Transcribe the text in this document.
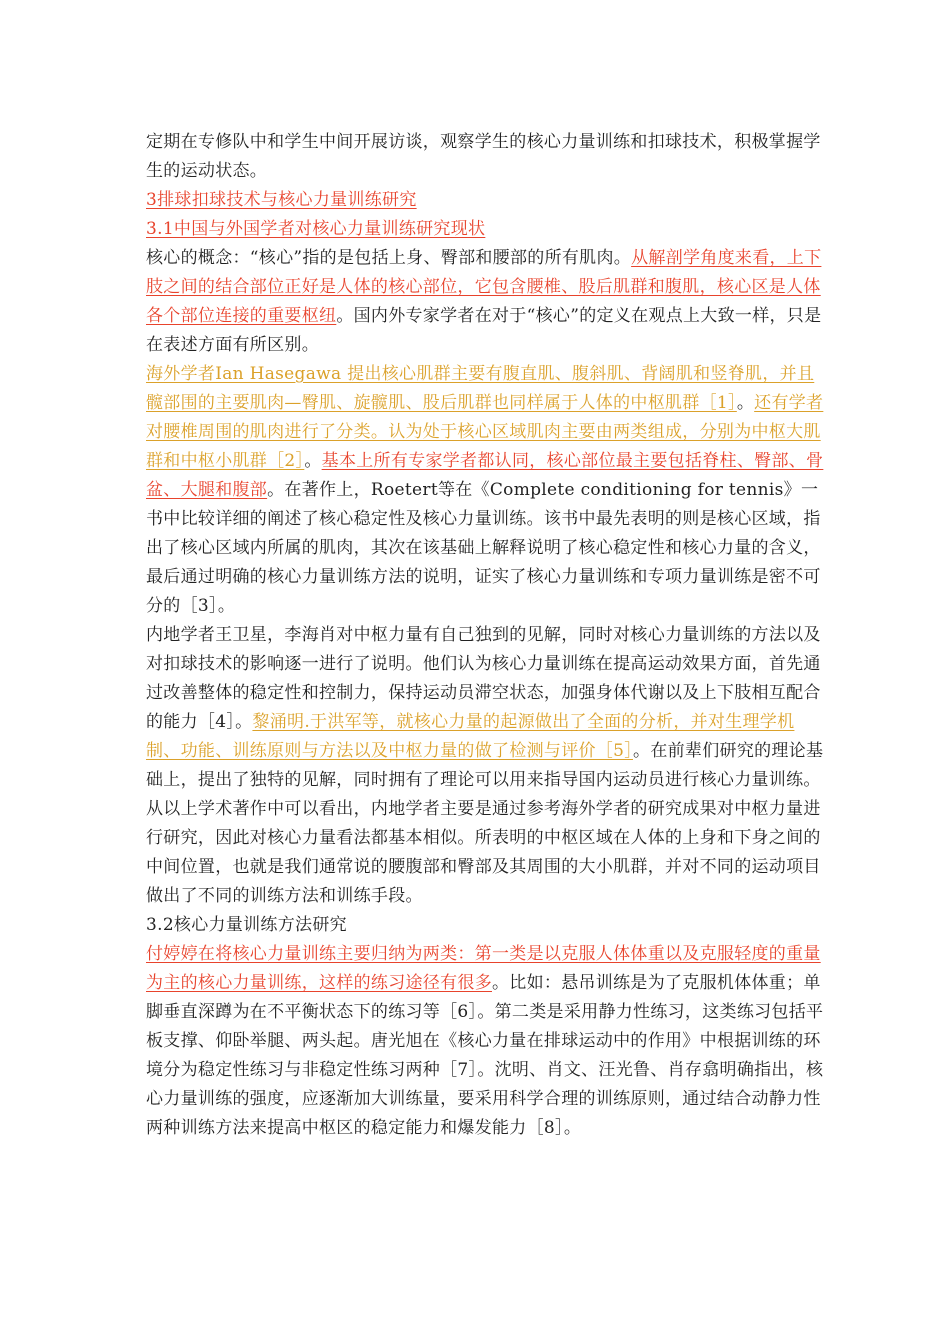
定期在专修队中和学生中间开展访谈，观察学生的核心力量训练和扣球技术，积极掌握学生的运动状态。

3排球扣球技术与核心力量训练研究

3.1中国与外国学者对核心力量训练研究现状

核心的概念：“核心”指的是包括上身、臀部和腰部的所有肌肉。从解剖学角度来看，上下肢之间的结合部位正好是人体的核心部位，它包含腰椎、股后肌群和腹肌，核心区是人体各个部位连接的重要枢纽。国内外专家学者在对于“核心”的定义在观点上大致一样，只是在表述方面有所区别。

海外学者Ian Hasegawa 提出核心肌群主要有腹直肌、腹斜肌、背阔肌和竖脊肌，并且髋部围的主要肌肉—臀肌、旋髋肌、股后肌群也同样属于人体的中枢肌群［1］。还有学者对腰椎周围的肌肉进行了分类。认为处于核心区域肌肉主要由两类组成，分别为中枢大肌群和中枢小肌群［2］。基本上所有专家学者都认同，核心部位最主要包括脊柱、臀部、骨盆、大腿和腹部。在著作上，Roetert等在《Complete conditioning for tennis》一书中比较详细的阐述了核心稳定性及核心力量训练。该书中最先表明的则是核心区域，指出了核心区域内所属的肌肉，其次在该基础上解释说明了核心稳定性和核心力量的含义，最后通过明确的核心力量训练方法的说明，证实了核心力量训练和专项力量训练是密不可分的［3］。

内地学者王卫星，李海肖对中枢力量有自己独到的见解，同时对核心力量训练的方法以及对扣球技术的影响逐一进行了说明。他们认为核心力量训练在提高运动效果方面，首先通过改善整体的稳定性和控制力，保持运动员滞空状态，加强身体代谢以及上下肢相互配合的能力［4］。黎涌明.于洪军等，就核心力量的起源做出了全面的分析，并对生理学机制、功能、训练原则与方法以及中枢力量的做了检测与评价［5］。在前辈们研究的理论基础上，提出了独特的见解，同时拥有了理论可以用来指导国内运动员进行核心力量训练。

从以上学术著作中可以看出，内地学者主要是通过参考海外学者的研究成果对中枢力量进行研究，因此对核心力量看法都基本相似。所表明的中枢区域在人体的上身和下身之间的中间位置，也就是我们通常说的腰腹部和臀部及其周围的大小肌群，并对不同的运动项目做出了不同的训练方法和训练手段。

3.2核心力量训练方法研究

付婷婷在将核心力量训练主要归纳为两类：第一类是以克服人体体重以及克服轻度的重量为主的核心力量训练，这样的练习途径有很多。比如：悬吊训练是为了克服机体体重；单脚垂直深蹲为在不平衡状态下的练习等［6］。第二类是采用静力性练习，这类练习包括平板支撑、仰卧举腿、两头起。唐光旭在《核心力量在排球运动中的作用》中根据训练的环境分为稳定性练习与非稳定性练习两种［7］。沈明、肖文、汪光鲁、肖存翕明确指出，核心力量训练的强度，应逐渐加大训练量，要采用科学合理的训练原则，通过结合动静力性两种训练方法来提高中枢区的稳定能力和爆发能力［8］。
